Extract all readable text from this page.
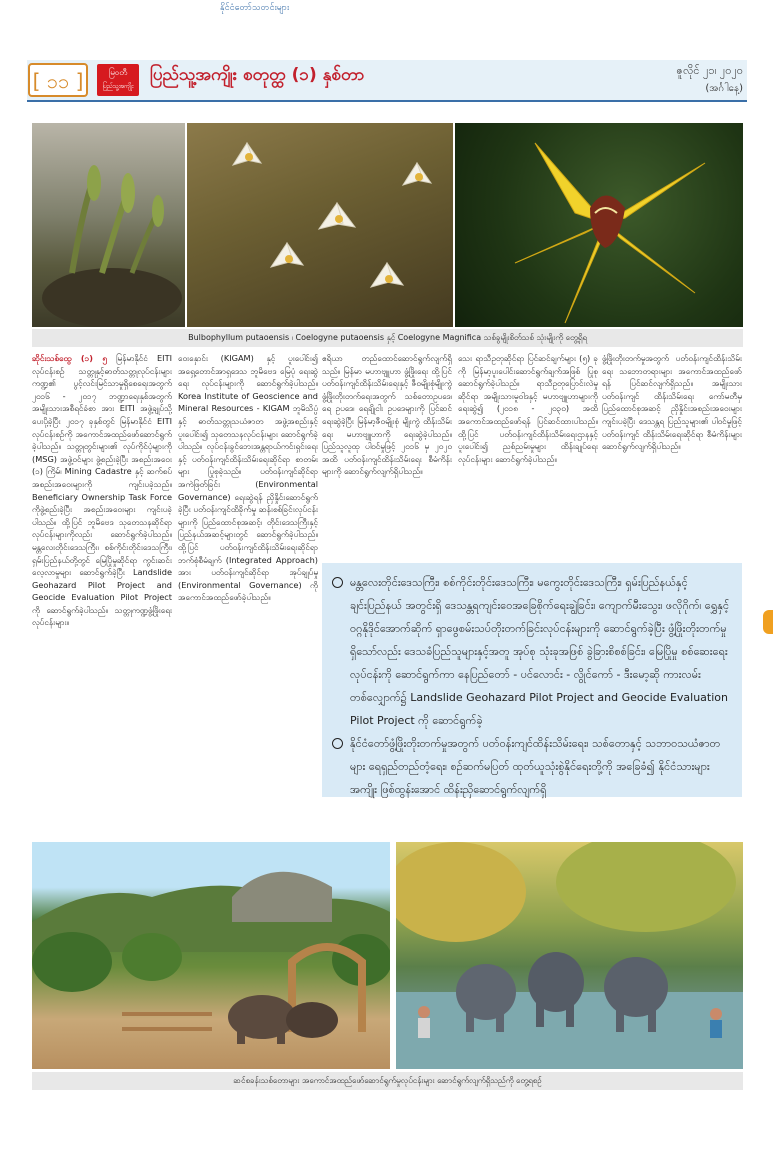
နိုင်ငံတော်သတင်းများ
[ ၁၁ ]	မြဝတီ
ပြည်သူ့အကျိုး
ပြည်သူ့အကျိုး စတုတ္ထ (၁) နှစ်တာ	ဇူလိုင် ၂၁၊ ၂၀၂၀
(အင်္ဂါနေ့)
Bulbophyllum putaoensis ၊ Coelogyne putaoensis နှင့် Coelogyne Magnifica သစ်ခွမျိုးစိတ်သစ် သုံးမျိုးကို တွေ့ရှိရ
ဆိုင်းသစ်ထွေ (၁) ၅ မြန်မာနိုင်ငံ EITI လုပ်ငန်းစဉ် သတ္တုနှင့်ဓာတ်သတ္တုလုပ်ငန်းများကဏ္ဍ၏ ပွင့်လင်းမြင်သာမှုရှိစေရေးအတွက် ၂၀၁၆ - ၂၀၁၇ ဘဏ္ဍာရေးနှစ်အတွက် အမျိုးသားအစီရင်ခံစာ အား EITI အဖွဲ့ချုပ်သို့ ပေးပို့ခဲ့ပြီး ၂၀၁၇ ခုနှစ်တွင် မြန်မာနိုင်ငံ EITI လုပ်ငန်းစဉ်ကို အကောင်အထည်ဖော်ဆောင်ရွက်ခဲ့ပါသည်။ သတ္တုတွင်းများ၏ လုပ်ကိုင်ပုံများကို (MSG) အဖွဲ့ဝင်များ ဖွဲ့စည်းခဲ့ပြီး အစည်းအဝေး (၁) ကြိမ်၊ Mining Cadastre နှင့် ဆက်စပ်အစည်းအဝေးများကို ကျင်းပခဲ့သည်။ Beneficiary Ownership Task Force ကိုဖွဲ့စည်းခဲ့ပြီး အစည်းအဝေးများ ကျင်းပခဲ့ပါသည်။ ထို့ပြင် ဘူမိဗေဒ သုတေသနဆိုင်ရာ လုပ်ငန်းများကိုလည်း ဆောင်ရွက်ခဲ့ပါသည်။ မန္တလေးတိုင်းဒေသကြီး၊ စစ်ကိုင်းတိုင်းဒေသကြီး၊ ရှမ်းပြည်နယ်တို့တွင် မြေပြိုမှုဆိုင်ရာ ကွင်းဆင်းလေ့လာမှုများ ဆောင်ရွက်ခဲ့ပြီး Landslide Geohazard Pilot Project and Geocide Evaluation Pilot Project ကို ဆောင်ရွက်ခဲ့ပါသည်။ သတ္တုကဏ္ဍဖွံ့ဖြိုးရေး လုပ်ငန်းများ။
ဝေးနှောင်း (KIGAM) နှင့် ပူးပေါင်း၍ အရှေ့တောင်အာရှဒေသ ဘူမိဗေဒ မြေပုံ ရေးဆွဲရေး လုပ်ငန်းများကို ဆောင်ရွက်ခဲ့ပါသည်။ Korea Institute of Geoscience and Mineral Resources - KIGAM ဘူမိသိပ္ပံနှင့် ဓာတ်သတ္တုသယံဇာတ အဖွဲ့အစည်းနှင့် ပူးပေါင်း၍ သုတေသနလုပ်ငန်းများ ဆောင်ရွက်ခဲ့ပါသည်။ လုပ်ငန်းခွင်ဘေးအန္တရာယ်ကင်းရှင်းရေးနှင့် ပတ်ဝန်းကျင်ထိန်းသိမ်းရေးဆိုင်ရာ စာတမ်းများ ပြုစုခဲ့သည်။ ပတ်ဝန်းကျင်ဆိုင်ရာ အကဲဖြတ်ခြင်း (Environmental Governance) ရေးဆွဲရန် ညှိနှိုင်းဆောင်ရွက်ခဲ့ပြီး ပတ်ဝန်းကျင်ထိခိုက်မှု ဆန်းစစ်ခြင်းလုပ်ငန်းများကို ပြည်ထောင်စုအဆင့်၊ တိုင်းဒေသကြီးနှင့် ပြည်နယ်အဆင့်များတွင် ဆောင်ရွက်ခဲ့ပါသည်။ ထို့ပြင် ပတ်ဝန်းကျင်ထိန်းသိမ်းရေးဆိုင်ရာ ဘက်စုံစီမံချက် (Integrated Approach) အား ပတ်ဝန်းကျင်ဆိုင်ရာ အုပ်ချုပ်မှု (Environmental Governance) ကို အကောင်အထည်ဖော်ခဲ့ပါသည်။
ဧရိယာ တည်ထောင်ဆောင်ရွက်လျက်ရှိသည်။ မြန်မာ မဟာဗျူဟာ ဖွံ့ဖြိုးရေး ထို့ပြင် ပတ်ဝန်းကျင်ထိန်းသိမ်းရေးနှင့် ဇီဝမျိုးစုံမျိုးကွဲ ဖွံ့ဖြိုးတိုးတက်ရေးအတွက် သစ်တောဥပဒေ၊ ရေ ဥပဒေ၊ ရေချိုငါး ဥပဒေများကို ပြင်ဆင်ရေးဆွဲခဲ့ပြီး မြန်မာ့ဇီဝမျိုးစုံ မျိုးကွဲ ထိန်းသိမ်းရေး မဟာဗျူဟာကို ရေးဆွဲခဲ့ပါသည်။ ပြည်သူလူထု ပါဝင်မှုဖြင့် ၂၀၁၆ မှ ၂၀၂၀ အထိ ပတ်ဝန်းကျင်ထိန်းသိမ်းရေး စီမံကိန်းများကို ဆောင်ရွက်လျက်ရှိပါသည်။
သေး ရာသီဥတုဆိုင်ရာ ပြင်ဆင်ချက်များ (၅) ခုကို မြန်မာ့ပူးပေါင်းဆောင်ရွက်ချက်အဖြစ် ပြုစုဆောင်ရွက်ခဲ့ပါသည်။ ရာသီဥတုပြောင်းလဲမှုဆိုင်ရာ အမျိုးသားမူဝါဒနှင့် မဟာဗျူဟာများကို ရေးဆွဲ၍ (၂၀၁၈ - ၂၀၃၀) အထိ အကောင်အထည်ဖော်ရန် ပြင်ဆင်ထားပါသည်။ ထို့ပြင် ပတ်ဝန်းကျင်ထိန်းသိမ်းရေးဌာနနှင့် ပူးပေါင်း၍ ညစ်ညမ်းမှုများ ထိန်းချုပ်ရေး လုပ်ငန်းများ ဆောင်ရွက်ခဲ့ပါသည်။
ဖွံ့ဖြိုးတိုးတက်မှုအတွက် ပတ်ဝန်းကျင်ထိန်းသိမ်းရေး သဘောတရားများ အကောင်အထည်ဖော်ရန် ပြင်ဆင်လျက်ရှိသည်။ အမျိုးသားပတ်ဝန်းကျင် ထိန်းသိမ်းရေး ကော်မတီမှ ပြည်ထောင်စုအဆင့် ညှိနှိုင်းအစည်းအဝေးများ ကျင်းပခဲ့ပြီး ဒေသန္တရ ပြည်သူများ၏ ပါဝင်မှုဖြင့် ပတ်ဝန်းကျင် ထိန်းသိမ်းရေးဆိုင်ရာ စီမံကိန်းများ ဆောင်ရွက်လျက်ရှိပါသည်။
မန္တလေးတိုင်းဒေသကြီး၊ စစ်ကိုင်းတိုင်းဒေသကြီး၊ မကွေးတိုင်းဒေသကြီး၊ ရှမ်းပြည်နယ်နှင့် ချင်းပြည်နယ် အတွင်းရှိ ဒေသန္တရကျင်းဝေအခြေစိုက်ရေးချွဲခြင်း၊ ကျောက်မီးသွေး၊ ဖလိုဂိုက်၊ ရွှေနှင့် ဝဂ္ဂနိုဒိုင်အောက်ဆိုက် ရှာဖွေစမ်းသပ်တိုးတက်ခြင်းလုပ်ငန်းများကို ဆောင်ရွက်ခဲ့ပြီး ဖွံ့ဖြိုးတိုးတက်မှု ရှိသော်လည်း ဒေသခံပြည်သူများနှင့်အတူ အုပ်စု သုံးခုအဖြစ် ခွဲခြားစိစစ်ခြင်း၊ မြေပြိုမှု စစ်ဆေးရေးလုပ်ငန်းကို ဆောင်ရွက်ကာ နေပြည်တော် - ပင်လောင်း - လွိုင်ကော် - ဒီးမော့ဆို ကားလမ်းတစ်လျှောက်၌ Landslide Geohazard Pilot Project and Geocide Evaluation Pilot Project ကို ဆောင်ရွက်ခဲ့
နိုင်ငံတော်ဖွံ့ဖြိုးတိုးတက်မှုအတွက် ပတ်ဝန်းကျင်ထိန်းသိမ်းရေး၊ သစ်တောနှင့် သဘာဝသယံဇာတများ ရေရှည်တည်တံ့ရေး၊ စဉ်ဆက်မပြတ် ထုတ်ယူသုံးစွဲနိုင်ရေးတို့ကို အခြေခံ၍ နိုင်ငံသားများ အကျိုး ဖြစ်ထွန်းအောင် ထိန်းညှိဆောင်ရွက်လျက်ရှိ
ဆင်စခန်းသစ်တောများ အကောင်အထည်ဖော်ဆောင်ရွက်မှုလုပ်ငန်းများ ဆောင်ရွက်လျက်ရှိသည်ကို တွေ့ရစဉ်
